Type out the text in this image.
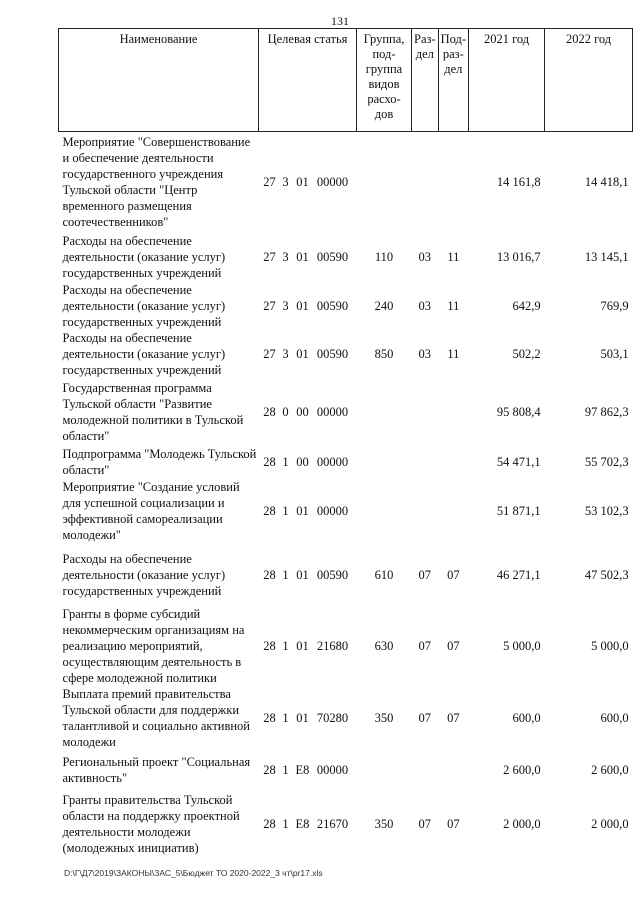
131
Наименование	Целевая статья	Группа, под-группа видов расхо-дов	Раз-дел	Под-раз-дел	2021 год	2022 год
Мероприятие "Совершенствование и обеспечение деятельности государственного учреждения Тульской области "Центр временного размещения соотечественников"	27 3 01 00000				14 161,8	14 418,1
Расходы на обеспечение деятельности (оказание услуг) государственных учреждений	27 3 01 00590	110	03	11	13 016,7	13 145,1
Расходы на обеспечение деятельности (оказание услуг) государственных учреждений	27 3 01 00590	240	03	11	642,9	769,9
Расходы на обеспечение деятельности (оказание услуг) государственных учреждений	27 3 01 00590	850	03	11	502,2	503,1
Государственная программа Тульской области "Развитие молодежной политики в Тульской области"	28 0 00 00000				95 808,4	97 862,3
Подпрограмма "Молодежь Тульской области"	28 1 00 00000				54 471,1	55 702,3
Мероприятие "Создание условий для успешной социализации и эффективной самореализации молодежи"	28 1 01 00000				51 871,1	53 102,3
Расходы на обеспечение деятельности (оказание услуг) государственных учреждений	28 1 01 00590	610	07	07	46 271,1	47 502,3
Гранты в форме субсидий некоммерческим организациям на реализацию мероприятий, осуществляющим деятельность в сфере молодежной политики	28 1 01 21680	630	07	07	5 000,0	5 000,0
Выплата премий правительства Тульской области для поддержки талантливой и социально активной молодежи	28 1 01 70280	350	07	07	600,0	600,0
Региональный проект "Социальная активность"	28 1 E8 00000				2 600,0	2 600,0
Гранты правительства Тульской области на поддержку проектной деятельности молодежи (молодежных инициатив)	28 1 E8 21670	350	07	07	2 000,0	2 000,0
D:\Г\Д7\2019\ЗАКОНЫ\ЗАС_5\Бюджет ТО 2020-2022_3 чт\pr17.xls
